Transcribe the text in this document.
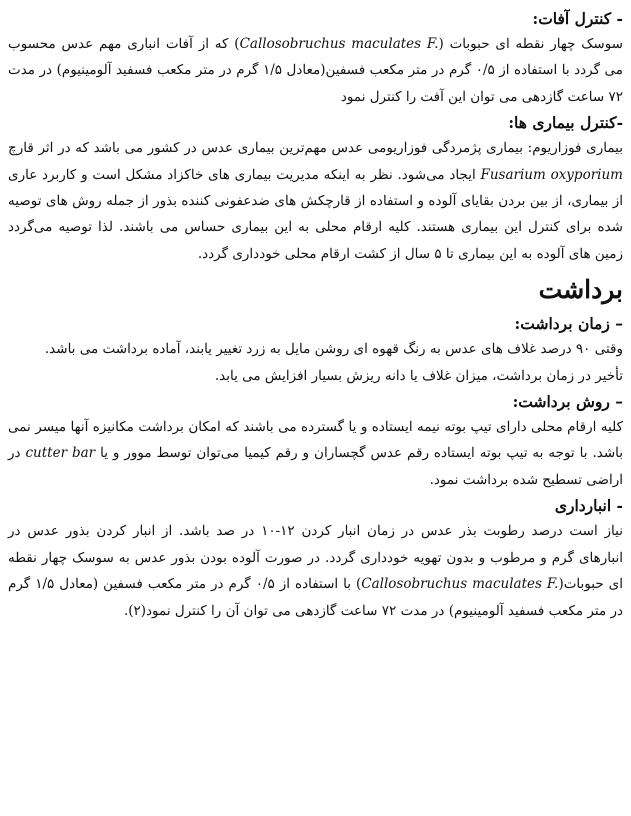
- کنترل آفات:

سوسک چهار نقطه ای حبوبات (Callosobruchus maculates F.) که از آفات انباری مهم عدس محسوب می گردد با استفاده از ۰/۵ گرم در متر مکعب فسفین(معادل ۱/۵ گرم در متر مکعب فسفید آلومینیوم) در مدت ۷۲ ساعت گازدهی می توان این آفت را کنترل نمود

-کنترل بیماری ها:

بیماری فوزاریوم: بیماری پژمردگی فوزاریومی عدس مهم‌ترین بیماری عدس در کشور می باشد که در اثر قارچ Fusarium oxyporium ایجاد می‌شود. نظر به اینکه مدیریت بیماری های خاکزاد مشکل است و کاربرد عاری از بیماری، از بین بردن بقایای آلوده و استفاده از قارچکش های ضدعفونی کننده بذور از جمله روش های توصیه شده برای کنترل این بیماری هستند. کلیه ارقام محلی به این بیماری حساس می باشند. لذا توصیه می‌گردد زمین های آلوده به این بیماری تا ۵ سال از کشت ارقام محلی خودداری گردد.

برداشت
– زمان برداشت:

وقتی ۹۰ درصد غلاف های عدس به رنگ قهوه ای روشن مایل به زرد تغییر یابند، آماده برداشت می باشد.

تأخیر در زمان برداشت، میزان غلاف یا دانه ریزش بسیار افزایش می یابد.

– روش برداشت:

کلیه ارقام محلی دارای تیپ بوته نیمه ایستاده و یا گسترده می باشند که امکان برداشت مکانیزه آنها میسر نمی باشد. با توجه به تیپ بوته ایستاده رقم عدس گچساران و رقم کیمیا می‌توان توسط موور و یا cutter bar در اراضی تسطیح شده برداشت نمود.

- انبارداری

نیاز است درصد رطوبت بذر عدس در زمان انبار کردن ۱۲-۱۰ در صد باشد. از انبار کردن بذور عدس در انبارهای گرم و مرطوب و بدون تهویه خودداری گردد. در صورت آلوده بودن بذور عدس به سوسک چهار نقطه ای حبوبات(Callosobruchus maculates F.) با استفاده از ۰/۵ گرم در متر مکعب فسفین (معادل ۱/۵ گرم در متر مکعب فسفید آلومینیوم) در مدت ۷۲ ساعت گازدهی می توان آن را کنترل نمود(۲).
